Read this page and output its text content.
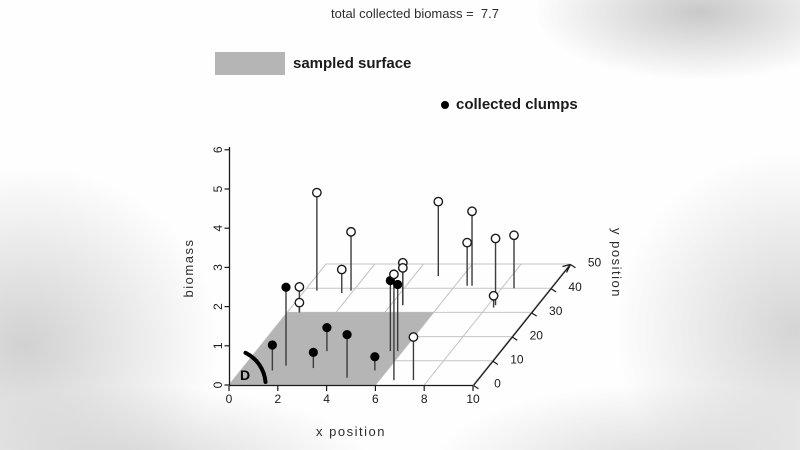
total collected biomass =  7.7
sampled surface
collected clumps
D
0	2	4	6	8	10
0
1
2
3
4
5
6
0
10
20
30
40
50
x position
biomass	y position
